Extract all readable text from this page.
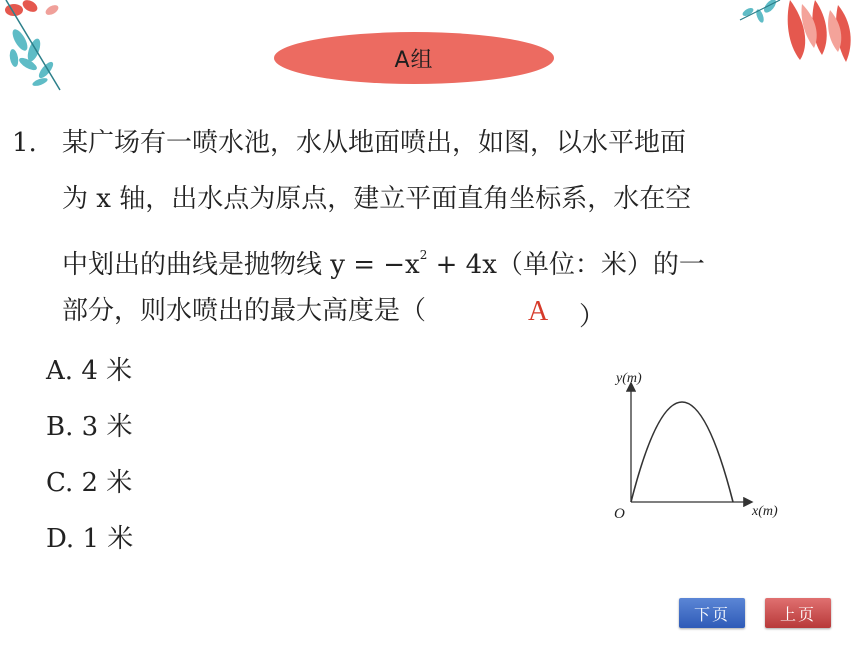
A组
1. 某广场有一喷水池，水从地面喷出，如图，以水平地面
为 x 轴，出水点为原点，建立平面直角坐标系，水在空
中划出的曲线是抛物线 $y = -x^2 + 4x$（单位：米）的一
部分，则水喷出的最大高度是（	A ）
A. 4 米
B. 3 米
C. 2 米
D. 1 米
y(m)
x(m)
O
下页	上页
